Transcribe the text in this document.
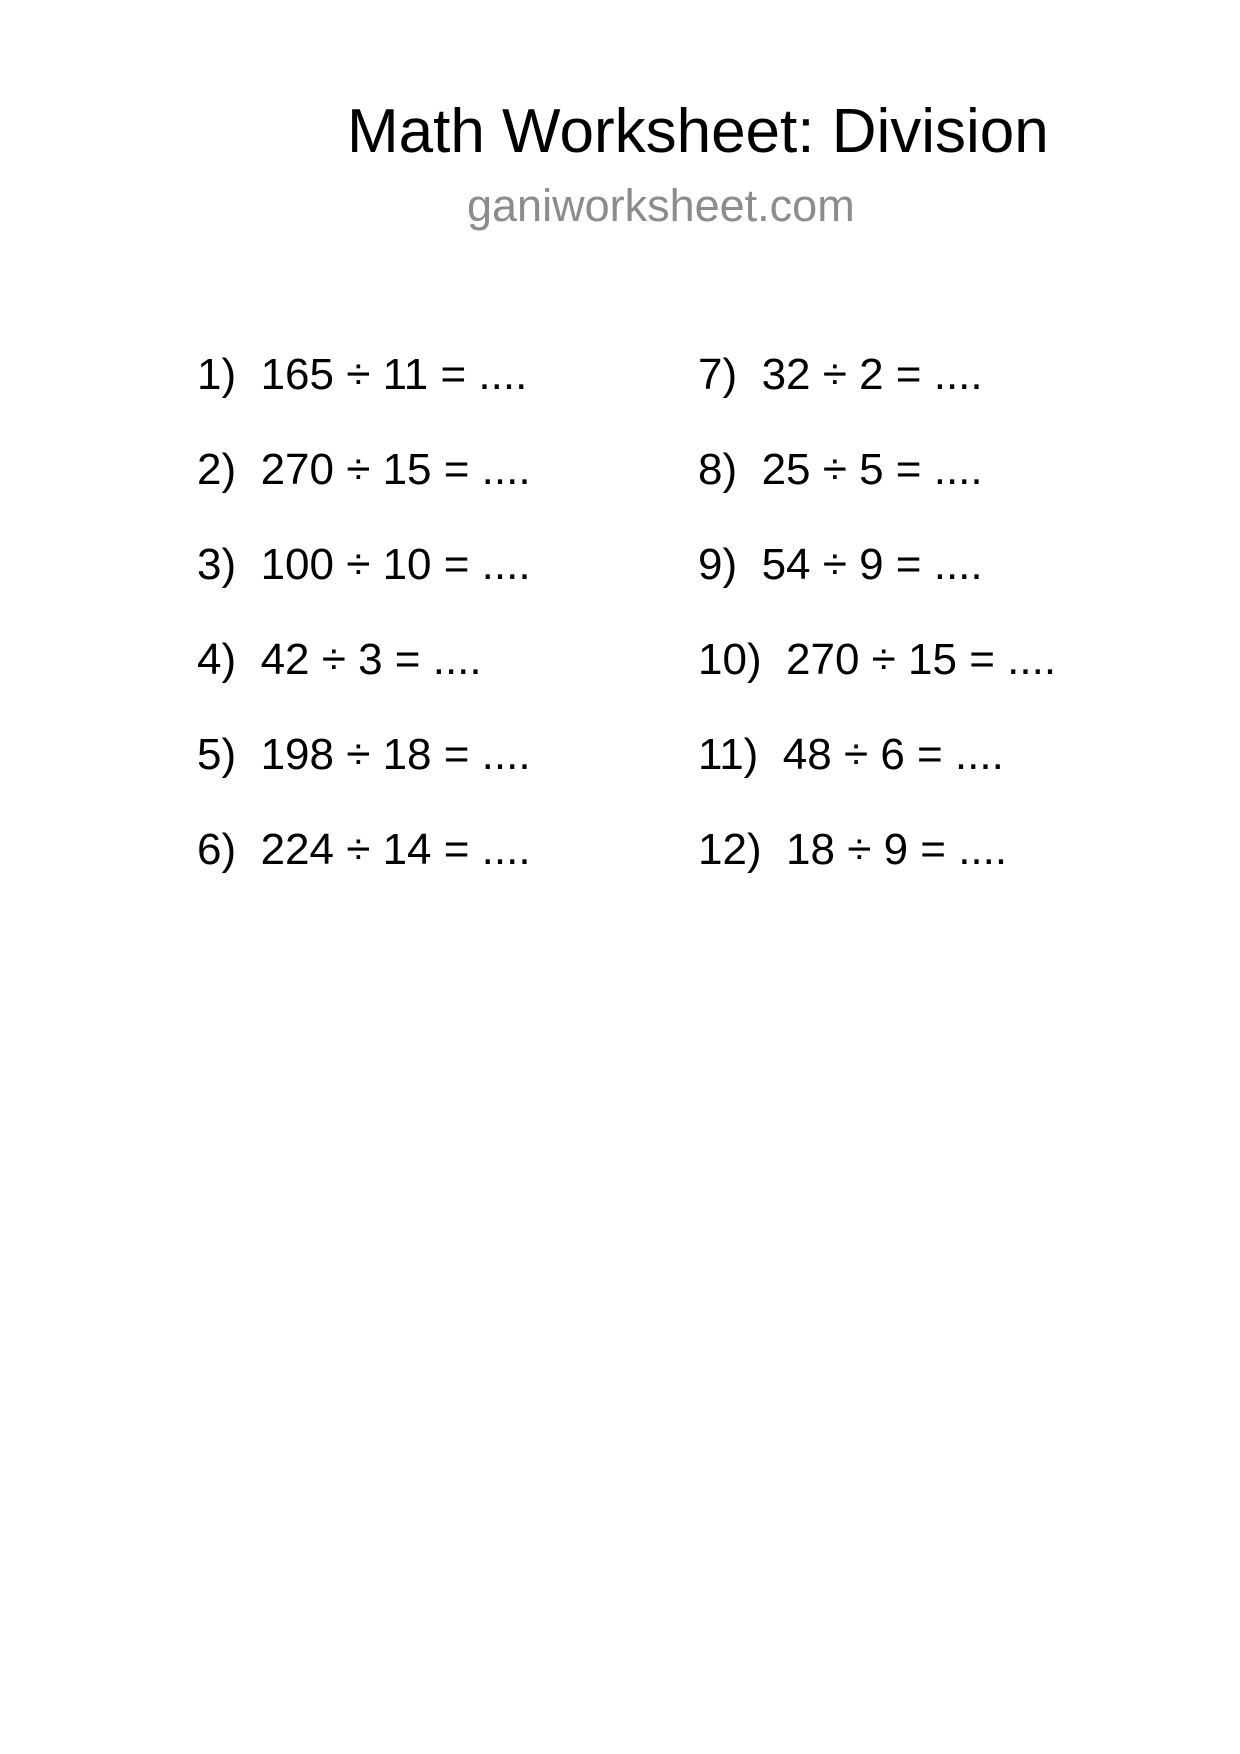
Math Worksheet: Division
ganiworksheet.com
1)  165 ÷ 11 = ....
2)  270 ÷ 15 = ....
3)  100 ÷ 10 = ....
4)  42 ÷ 3 = ....
5)  198 ÷ 18 = ....
6)  224 ÷ 14 = ....
7)  32 ÷ 2 = ....
8)  25 ÷ 5 = ....
9)  54 ÷ 9 = ....
10)  270 ÷ 15 = ....
11)  48 ÷ 6 = ....
12)  18 ÷ 9 = ....
